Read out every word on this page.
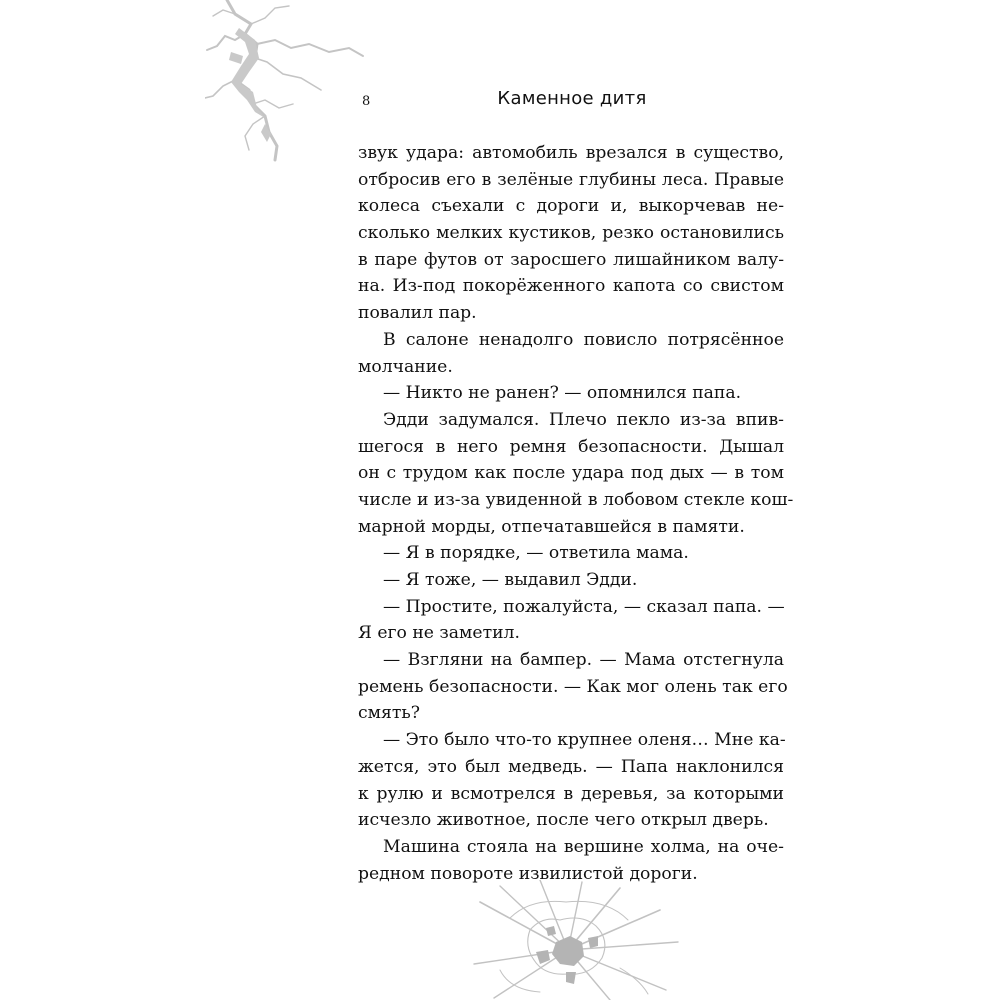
8	Каменное дитя
звук удара: автомобиль врезался в существо,
отбросив его в зелёные глубины леса. Правые
колеса съехали с дороги и, выкорчевав не-
сколько мелких кустиков, резко остановились
в паре футов от заросшего лишайником валу-
на. Из-под покорёженного капота со свистом
повалил пар.
В салоне ненадолго повисло потрясённое
молчание.
— Никто не ранен? — опомнился папа.
Эдди задумался. Плечо пекло из-за впив-
шегося в него ремня безопасности. Дышал
он с трудом как после удара под дых — в том
числе и из-за увиденной в лобовом стекле кош-
марной морды, отпечатавшейся в памяти.
— Я в порядке, — ответила мама.
— Я тоже, — выдавил Эдди.
— Простите, пожалуйста, — сказал папа. —
Я его не заметил.
— Взгляни на бампер. — Мама отстегнула
ремень безопасности. — Как мог олень так его
смять?
— Это было что-то крупнее оленя… Мне ка-
жется, это был медведь. — Папа наклонился
к рулю и всмотрелся в деревья, за которыми
исчезло животное, после чего открыл дверь.
Машина стояла на вершине холма, на оче-
редном повороте извилистой дороги.
